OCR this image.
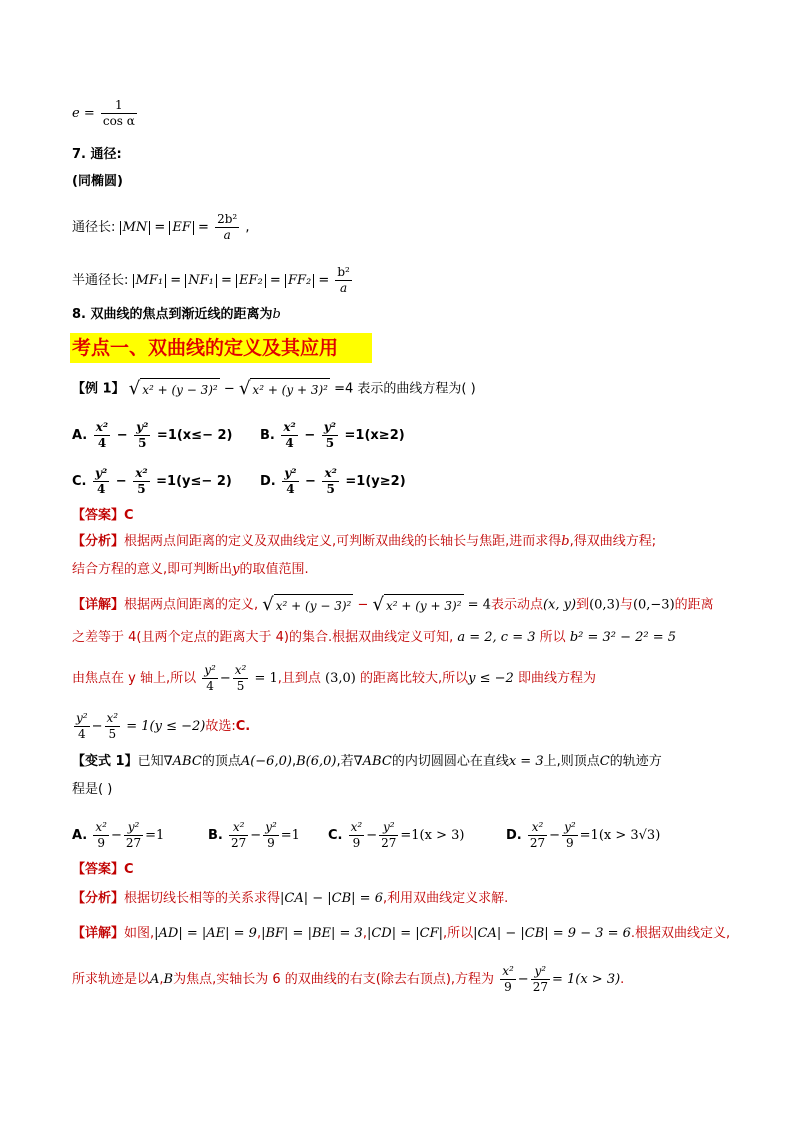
$e = \frac{1}{\text{cos α}}$
7. 通径:
(同椭圆)
通径长: MN = EF = $\frac{\text{2b²}}{a}$ ,
半通径长: $MF_1 = NF_1 = EF_2 = FF_2 = \frac{\text{b²}}{a}$
8. 双曲线的焦点到渐近线的距离为b
考点一、双曲线的定义及其应用
【例 1】 √ x² + (y − 3)² − √ x² + (y + 3)² =4 表示的曲线方程为( )
A. $\frac{\text{x²}}{4} - \frac{\text{y²}}{5} =1(x\le- 2)$ B. $\frac{\text{x²}}{4} - \frac{\text{y²}}{5} =1(x\ge 2)$
C. $\frac{\text{y²}}{4} - \frac{\text{x²}}{5} =1(y\le- 2)$ D. $\frac{\text{y²}}{4} - \frac{\text{x²}}{5} =1(y\ge 2)$
【答案】C
【分析】根据两点间距离的定义及双曲线定义,可判断双曲线的长轴长与焦距,进而求得b,得双曲线方程;
结合方程的意义,即可判断出y的取值范围.
【详解】根据两点间距离的定义, √ x² + (y − 3)² − √ x² + (y + 3)² = 4表示动点(x, y)到(0,3)与(0,−3)的距离
之差等于 4(且两个定点的距离大于 4)的集合.根据双曲线定义可知, a = 2, c = 3 所以 b² = 3² − 2² = 5
由焦点在 y 轴上,所以 $\frac{\text{y²}}{4} - \frac{\text{x²}}{5} = 1$,且到点 (3,0) 的距离比较大,所以y ≤ −2 即曲线方程为
$\frac{\text{y²}}{4} - \frac{\text{x²}}{5} = 1(y \le -2)$故选:C.
【变式 1】已知∇ABC的顶点A(−6,0),B(6,0),若∇ABC的内切圆圆心在直线x = 3上,则顶点C的轨迹方
程是( )
A. $\frac{\text{x²}}{9} - \frac{\text{y²}}{27} =1$	B. $\frac{\text{x²}}{27} - \frac{\text{y²}}{9} =1$ C. $\frac{\text{x²}}{9} - \frac{\text{y²}}{27} =1(x > 3)$	D. $\frac{\text{x²}}{27} - \frac{\text{y²}}{9} =1(x > 3√3)$
【答案】C
【分析】根据切线长相等的关系求得|CA| − |CB| = 6,利用双曲线定义求解.
【详解】如图,|AD| = |AE| = 9,|BF| = |BE| = 3,|CD| = |CF|,所以|CA| − |CB| = 9 − 3 = 6.根据双曲线定义,
所求轨迹是以A,B为焦点,实轴长为 6 的双曲线的右支(除去右顶点),方程为 $\frac{\text{x²}}{9} - \frac{\text{y²}}{27} = 1(x > 3)$.
